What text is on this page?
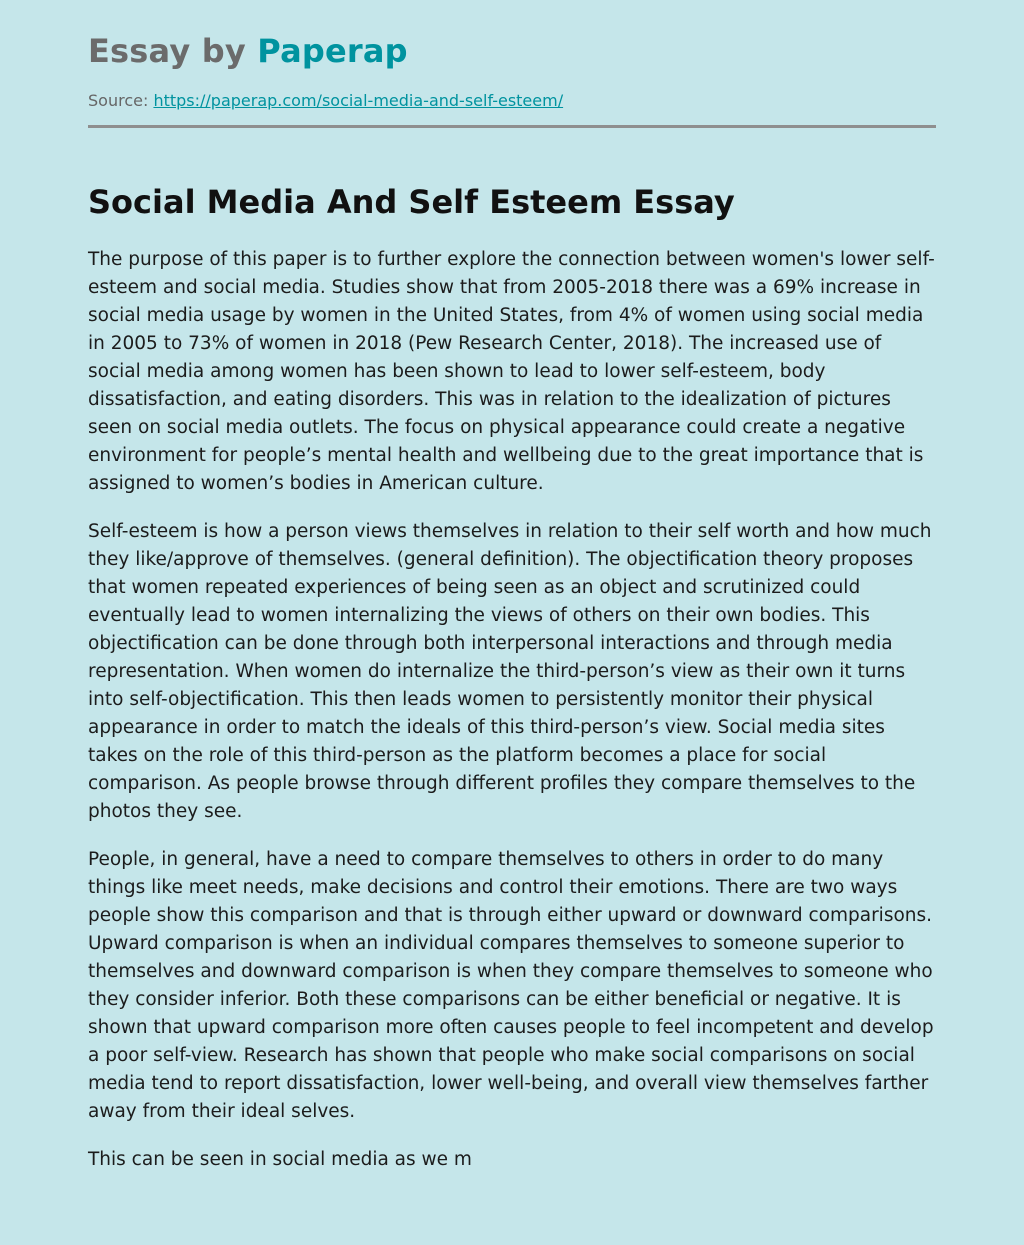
Essay by Paperap
Source: https://paperap.com/social-media-and-self-esteem/
Social Media And Self Esteem Essay

The purpose of this paper is to further explore the connection between women's lower self-esteem and social media. Studies show that from 2005-2018 there was a 69% increase in social media usage by women in the United States, from 4% of women using social media in 2005 to 73% of women in 2018 (Pew Research Center, 2018). The increased use of social media among women has been shown to lead to lower self-esteem, body dissatisfaction, and eating disorders. This was in relation to the idealization of pictures seen on social media outlets. The focus on physical appearance could create a negative environment for people’s mental health and wellbeing due to the great importance that is assigned to women’s bodies in American culture.

Self-esteem is how a person views themselves in relation to their self worth and how much they like/approve of themselves. (general definition). The objectification theory proposes that women repeated experiences of being seen as an object and scrutinized could eventually lead to women internalizing the views of others on their own bodies. This objectification can be done through both interpersonal interactions and through media representation. When women do internalize the third-person’s view as their own it turns into self-objectification. This then leads women to persistently monitor their physical appearance in order to match the ideals of this third-person’s view. Social media sites takes on the role of this third-person as the platform becomes a place for social comparison. As people browse through different profiles they compare themselves to the photos they see.

People, in general, have a need to compare themselves to others in order to do many things like meet needs, make decisions and control their emotions. There are two ways people show this comparison and that is through either upward or downward comparisons. Upward comparison is when an individual compares themselves to someone superior to themselves and downward comparison is when they compare themselves to someone who they consider inferior. Both these comparisons can be either beneficial or negative. It is shown that upward comparison more often causes people to feel incompetent and develop a poor self-view. Research has shown that people who make social comparisons on social media tend to report dissatisfaction, lower well-being, and overall view themselves farther away from their ideal selves.

This can be seen in social media as we m
